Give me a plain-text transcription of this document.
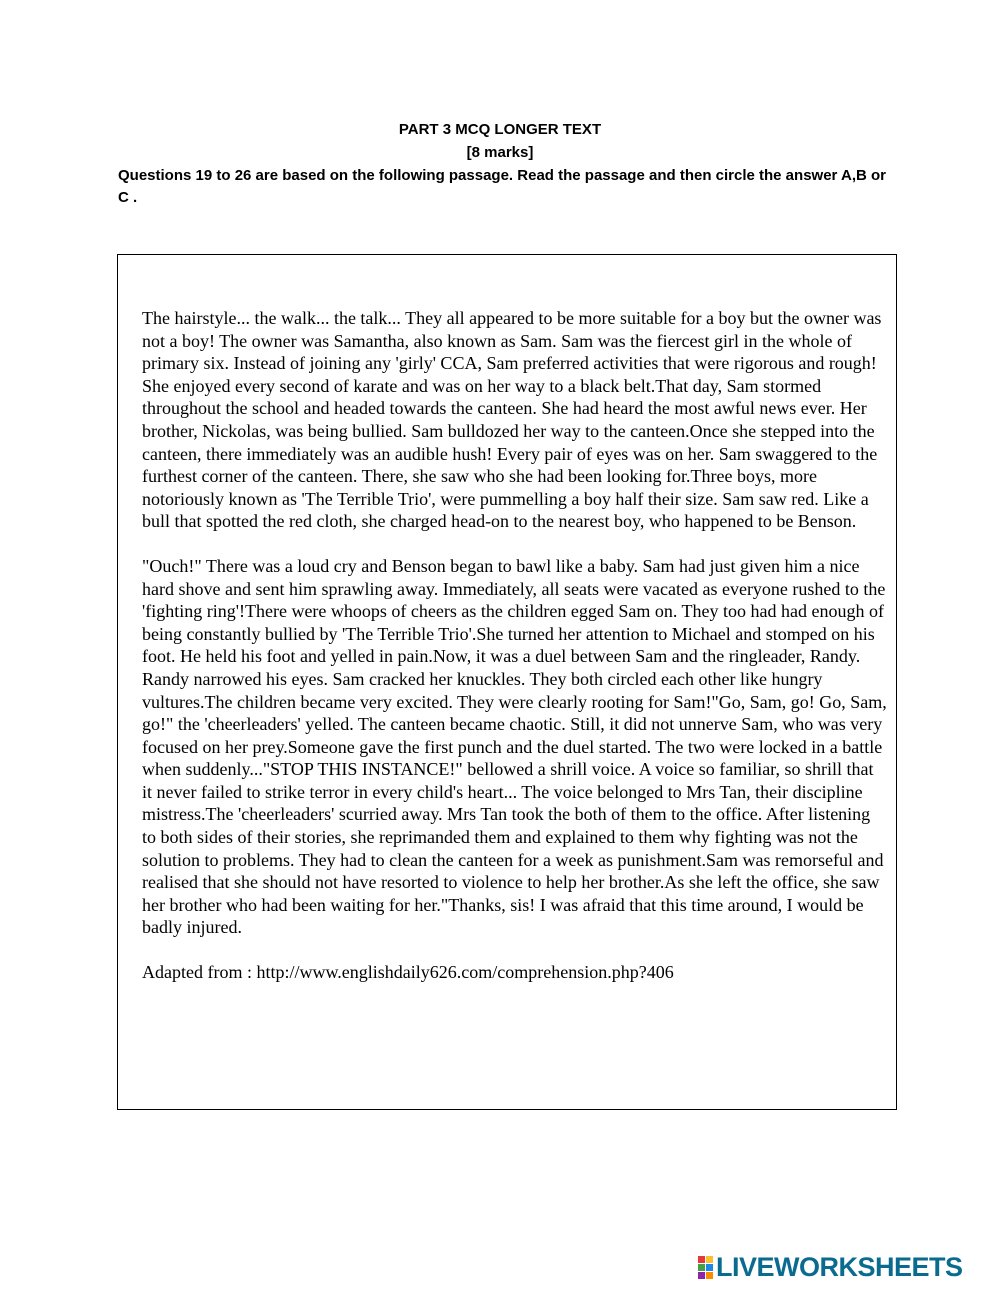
PART 3 MCQ LONGER TEXT
[8 marks]
Questions 19 to 26 are based on the following passage. Read the passage and then circle the answer A,B or C .

The hairstyle... the walk... the talk... They all appeared to be more suitable for a boy but the owner was not a boy! The owner was Samantha, also known as Sam. Sam was the fiercest girl in the whole of primary six. Instead of joining any 'girly' CCA, Sam preferred activities that were rigorous and rough! She enjoyed every second of karate and was on her way to a black belt.That day, Sam stormed throughout the school and headed towards the canteen. She had heard the most awful news ever. Her brother, Nickolas, was being bullied. Sam bulldozed her way to the canteen.Once she stepped into the canteen, there immediately was an audible hush! Every pair of eyes was on her. Sam swaggered to the furthest corner of the canteen. There, she saw who she had been looking for.Three boys, more notoriously known as 'The Terrible Trio', were pummelling a boy half their size. Sam saw red. Like a bull that spotted the red cloth, she charged head-on to the nearest boy, who happened to be Benson.

"Ouch!" There was a loud cry and Benson began to bawl like a baby. Sam had just given him a nice hard shove and sent him sprawling away. Immediately, all seats were vacated as everyone rushed to the 'fighting ring'!There were whoops of cheers as the children egged Sam on. They too had had enough of being constantly bullied by 'The Terrible Trio'.She turned her attention to Michael and stomped on his foot. He held his foot and yelled in pain.Now, it was a duel between Sam and the ringleader, Randy. Randy narrowed his eyes. Sam cracked her knuckles. They both circled each other like hungry vultures.The children became very excited. They were clearly rooting for Sam!"Go, Sam, go! Go, Sam, go!" the 'cheerleaders' yelled. The canteen became chaotic. Still, it did not unnerve Sam, who was very focused on her prey.Someone gave the first punch and the duel started. The two were locked in a battle when suddenly..."STOP THIS INSTANCE!" bellowed a shrill voice. A voice so familiar, so shrill that it never failed to strike terror in every child's heart... The voice belonged to Mrs Tan, their discipline mistress.The 'cheerleaders' scurried away. Mrs Tan took the both of them to the office. After listening to both sides of their stories, she reprimanded them and explained to them why fighting was not the solution to problems. They had to clean the canteen for a week as punishment.Sam was remorseful and realised that she should not have resorted to violence to help her brother.As she left the office, she saw her brother who had been waiting for her."Thanks, sis! I was afraid that this time around, I would be badly injured.

Adapted from : http://www.englishdaily626.com/comprehension.php?406

LIVEWORKSHEETS
